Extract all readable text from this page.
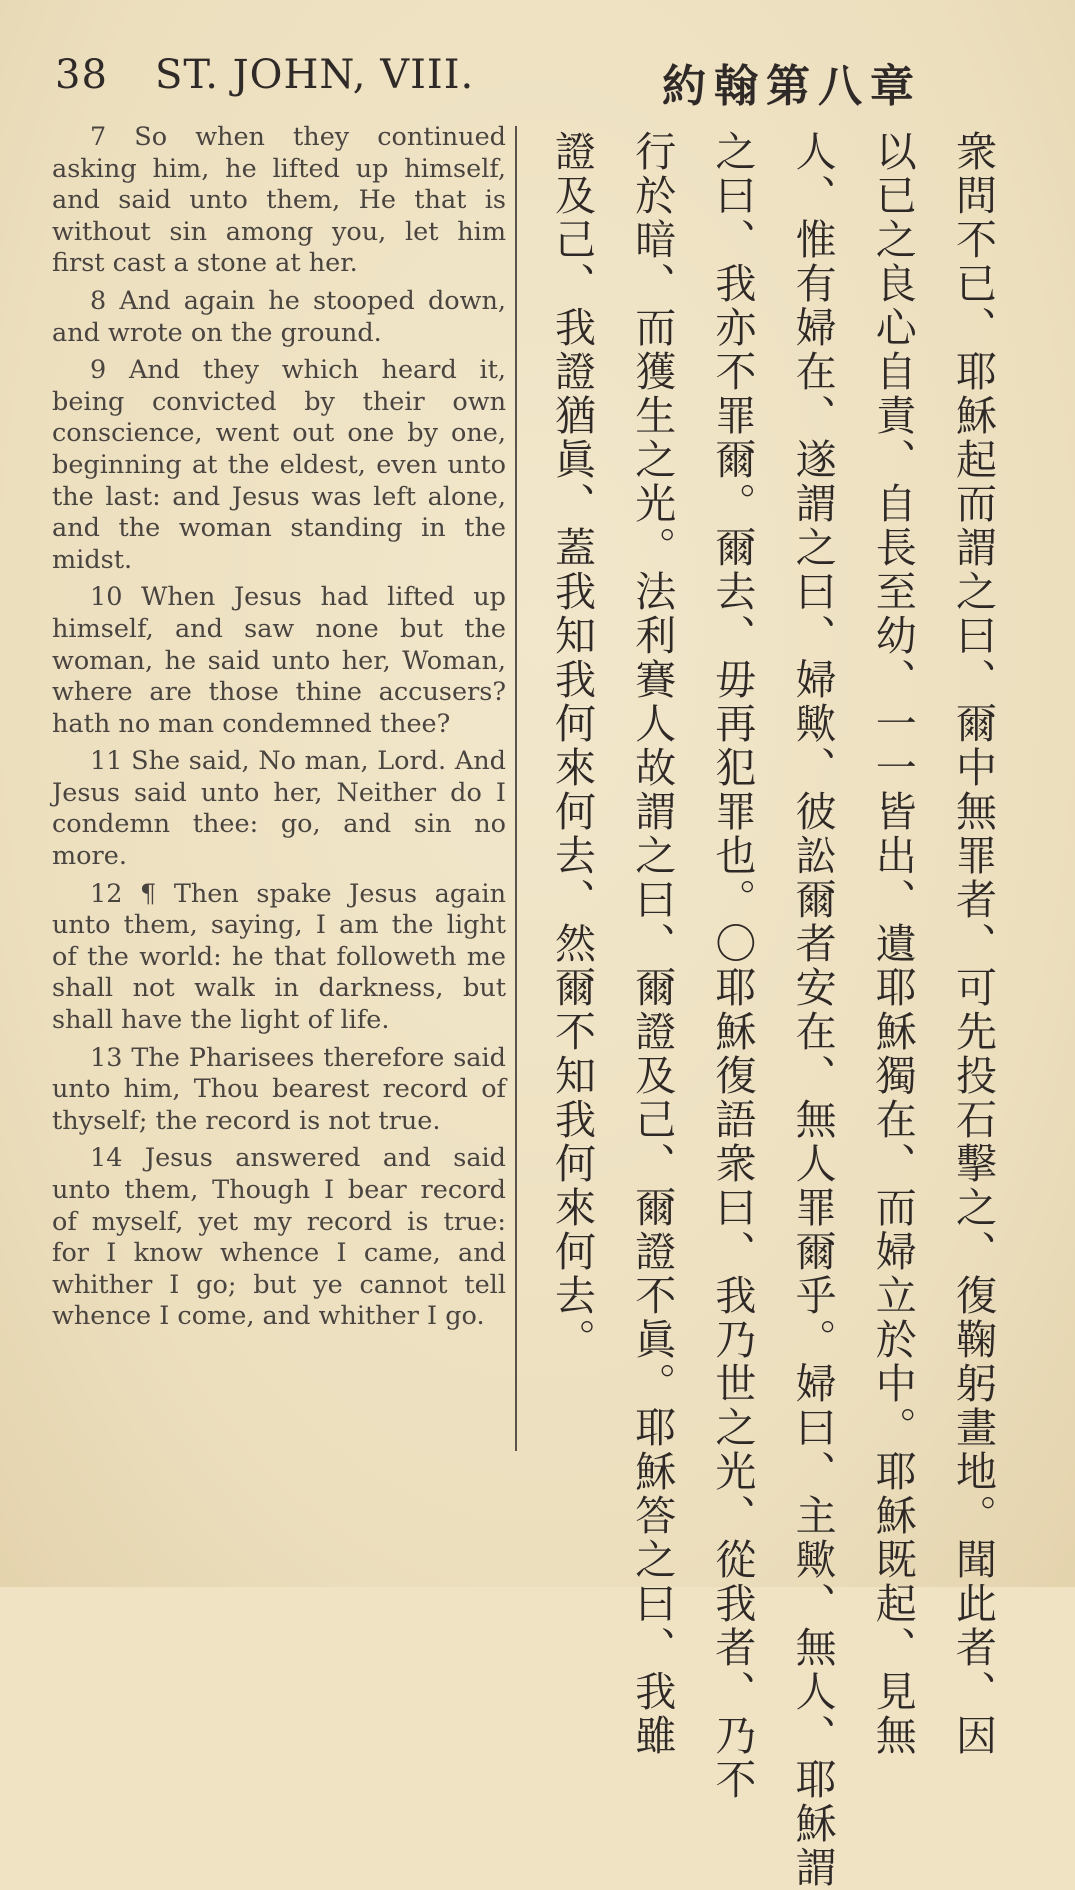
38 ST. JOHN, VIII.	約翰第八章

7 So when they continued asking him, he lifted up himself, and said unto them, He that is without sin among you, let him first cast a stone at her.

8 And again he stooped down, and wrote on the ground.

9 And they which heard it, being convicted by their own conscience, went out one by one, beginning at the eldest, even unto the last: and Jesus was left alone, and the woman standing in the midst.

10 When Jesus had lifted up himself, and saw none but the woman, he said unto her, Woman, where are those thine accusers? hath no man condemned thee?

11 She said, No man, Lord. And Jesus said unto her, Neither do I condemn thee: go, and sin no more.

12 ¶ Then spake Jesus again unto them, saying, I am the light of the world: he that followeth me shall not walk in darkness, but shall have the light of life.

13 The Pharisees therefore said unto him, Thou bearest record of thyself; the record is not true.

14 Jesus answered and said unto them, Though I bear record of myself, yet my record is true: for I know whence I came, and whither I go; but ye cannot tell whence I come, and whither I go.	衆問不已、耶穌起而謂之曰、爾中無罪者、可先投石擊之、復鞠躬畫地。聞此者、因
以已之良心自責、自長至幼、一一皆出、遺耶穌獨在、而婦立於中。耶穌既起、見無
人、惟有婦在、遂謂之曰、婦歟、彼訟爾者安在、無人罪爾乎。婦曰、主歟、無人、耶穌謂
之曰、我亦不罪爾。爾去、毋再犯罪也。〇耶穌復語衆曰、我乃世之光、從我者、乃不
行於暗、而獲生之光。法利賽人故謂之曰、爾證及己、爾證不眞。耶穌答之曰、我雖
證及己、我證猶眞、蓋我知我何來何去、然爾不知我何來何去。
